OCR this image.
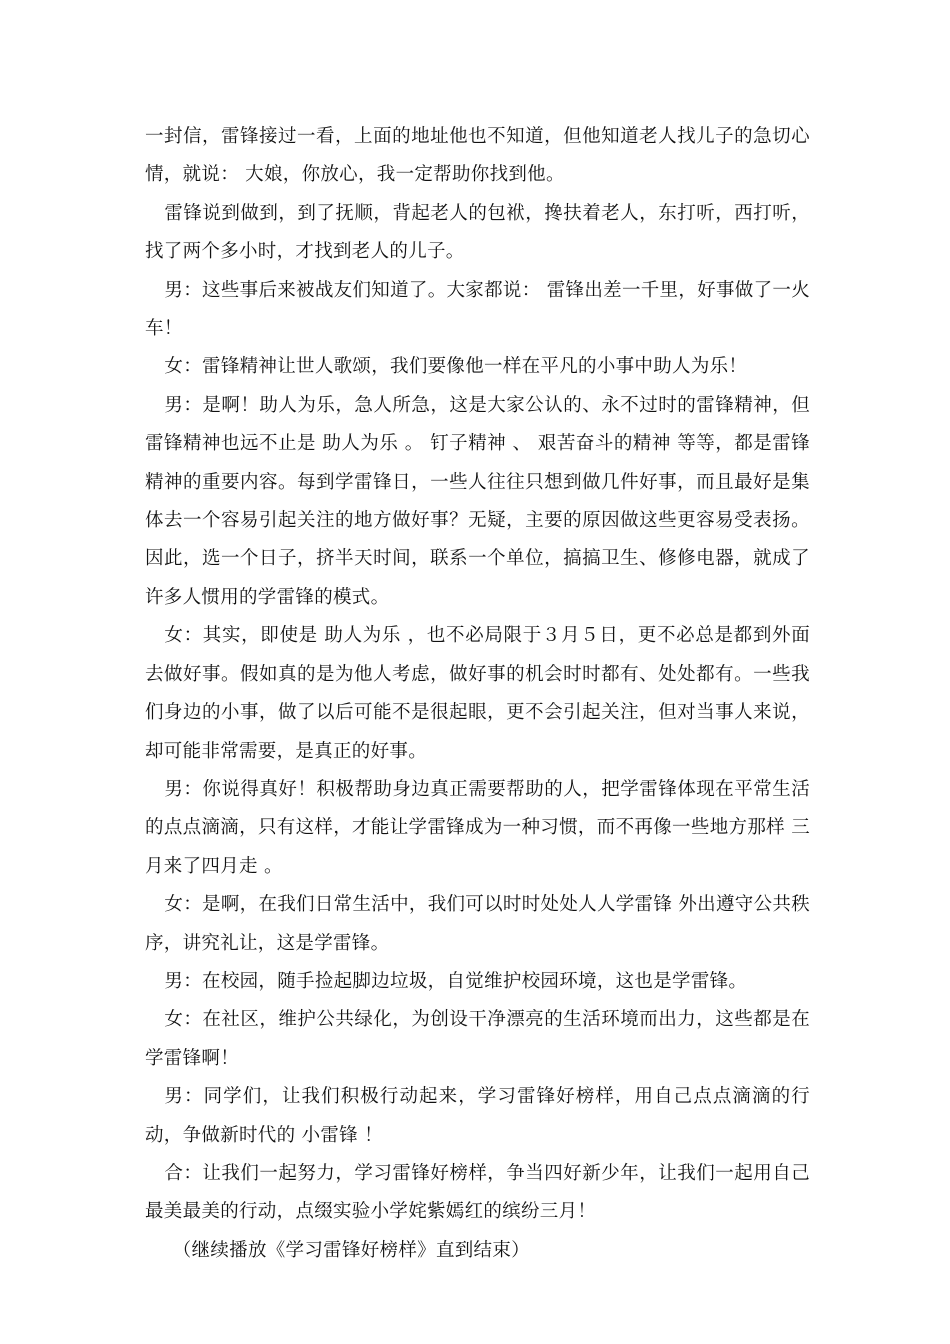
一封信，雷锋接过一看，上面的地址他也不知道，但他知道老人找儿子的急切心情，就说： 大娘，你放心，我一定帮助你找到他。

雷锋说到做到，到了抚顺，背起老人的包袱，搀扶着老人，东打听，西打听，找了两个多小时，才找到老人的儿子。

男：这些事后来被战友们知道了。大家都说： 雷锋出差一千里，好事做了一火车！

女：雷锋精神让世人歌颂，我们要像他一样在平凡的小事中助人为乐！

男：是啊！助人为乐，急人所急，这是大家公认的、永不过时的雷锋精神，但雷锋精神也远不止是 助人为乐 。 钉子精神 、 艰苦奋斗的精神 等等，都是雷锋精神的重要内容。每到学雷锋日，一些人往往只想到做几件好事，而且最好是集体去一个容易引起关注的地方做好事？无疑，主要的原因做这些更容易受表扬。因此，选一个日子，挤半天时间，联系一个单位，搞搞卫生、修修电器，就成了许多人惯用的学雷锋的模式。

女：其实，即使是 助人为乐 ，也不必局限于３月５日，更不必总是都到外面去做好事。假如真的是为他人考虑，做好事的机会时时都有、处处都有。一些我们身边的小事，做了以后可能不是很起眼，更不会引起关注，但对当事人来说，却可能非常需要，是真正的好事。

男：你说得真好！积极帮助身边真正需要帮助的人，把学雷锋体现在平常生活的点点滴滴，只有这样，才能让学雷锋成为一种习惯，而不再像一些地方那样 三月来了四月走 。

女：是啊，在我们日常生活中，我们可以时时处处人人学雷锋 外出遵守公共秩序，讲究礼让，这是学雷锋。

男：在校园，随手捡起脚边垃圾，自觉维护校园环境，这也是学雷锋。

女：在社区，维护公共绿化，为创设干净漂亮的生活环境而出力，这些都是在学雷锋啊！

男：同学们，让我们积极行动起来，学习雷锋好榜样，用自己点点滴滴的行动，争做新时代的 小雷锋 ！

合：让我们一起努力，学习雷锋好榜样，争当四好新少年，让我们一起用自己最美最美的行动，点缀实验小学姹紫嫣红的缤纷三月！

（继续播放《学习雷锋好榜样》直到结束）
